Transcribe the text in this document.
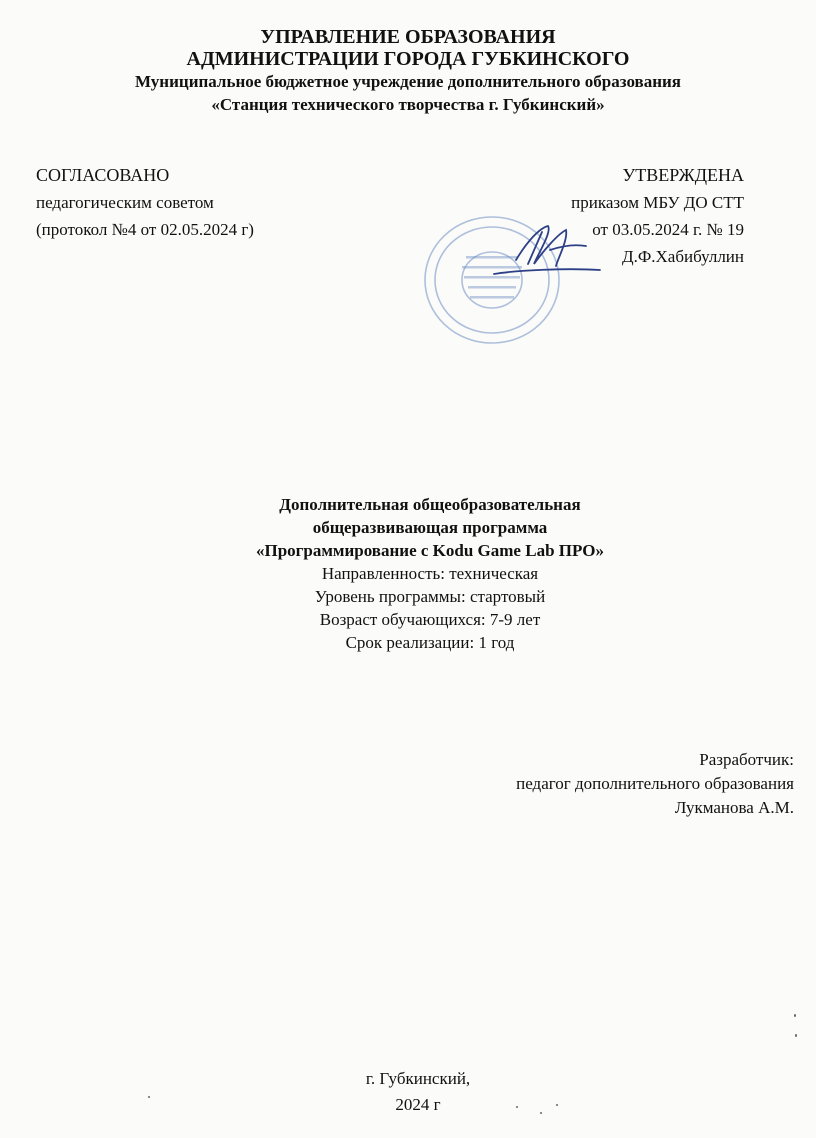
УПРАВЛЕНИЕ ОБРАЗОВАНИЯ
АДМИНИСТРАЦИИ ГОРОДА ГУБКИНСКОГО
Муниципальное бюджетное учреждение дополнительного образования
«Станция технического творчества г. Губкинский»
СОГЛАСОВАНО
педагогическим советом
(протокол №4 от 02.05.2024 г)
УТВЕРЖДЕНА
приказом МБУ ДО СТТ
от 03.05.2024 г. № 19
Д.Ф.Хабибуллин
Дополнительная общеобразовательная
общеразвивающая программа
«Программирование с Kodu Game Lab ПРО»
Направленность: техническая
Уровень программы: стартовый
Возраст обучающихся: 7-9 лет
Срок реализации: 1 год
Разработчик:
педагог дополнительного образования
Лукманова А.М.
г. Губкинский,
2024 г
